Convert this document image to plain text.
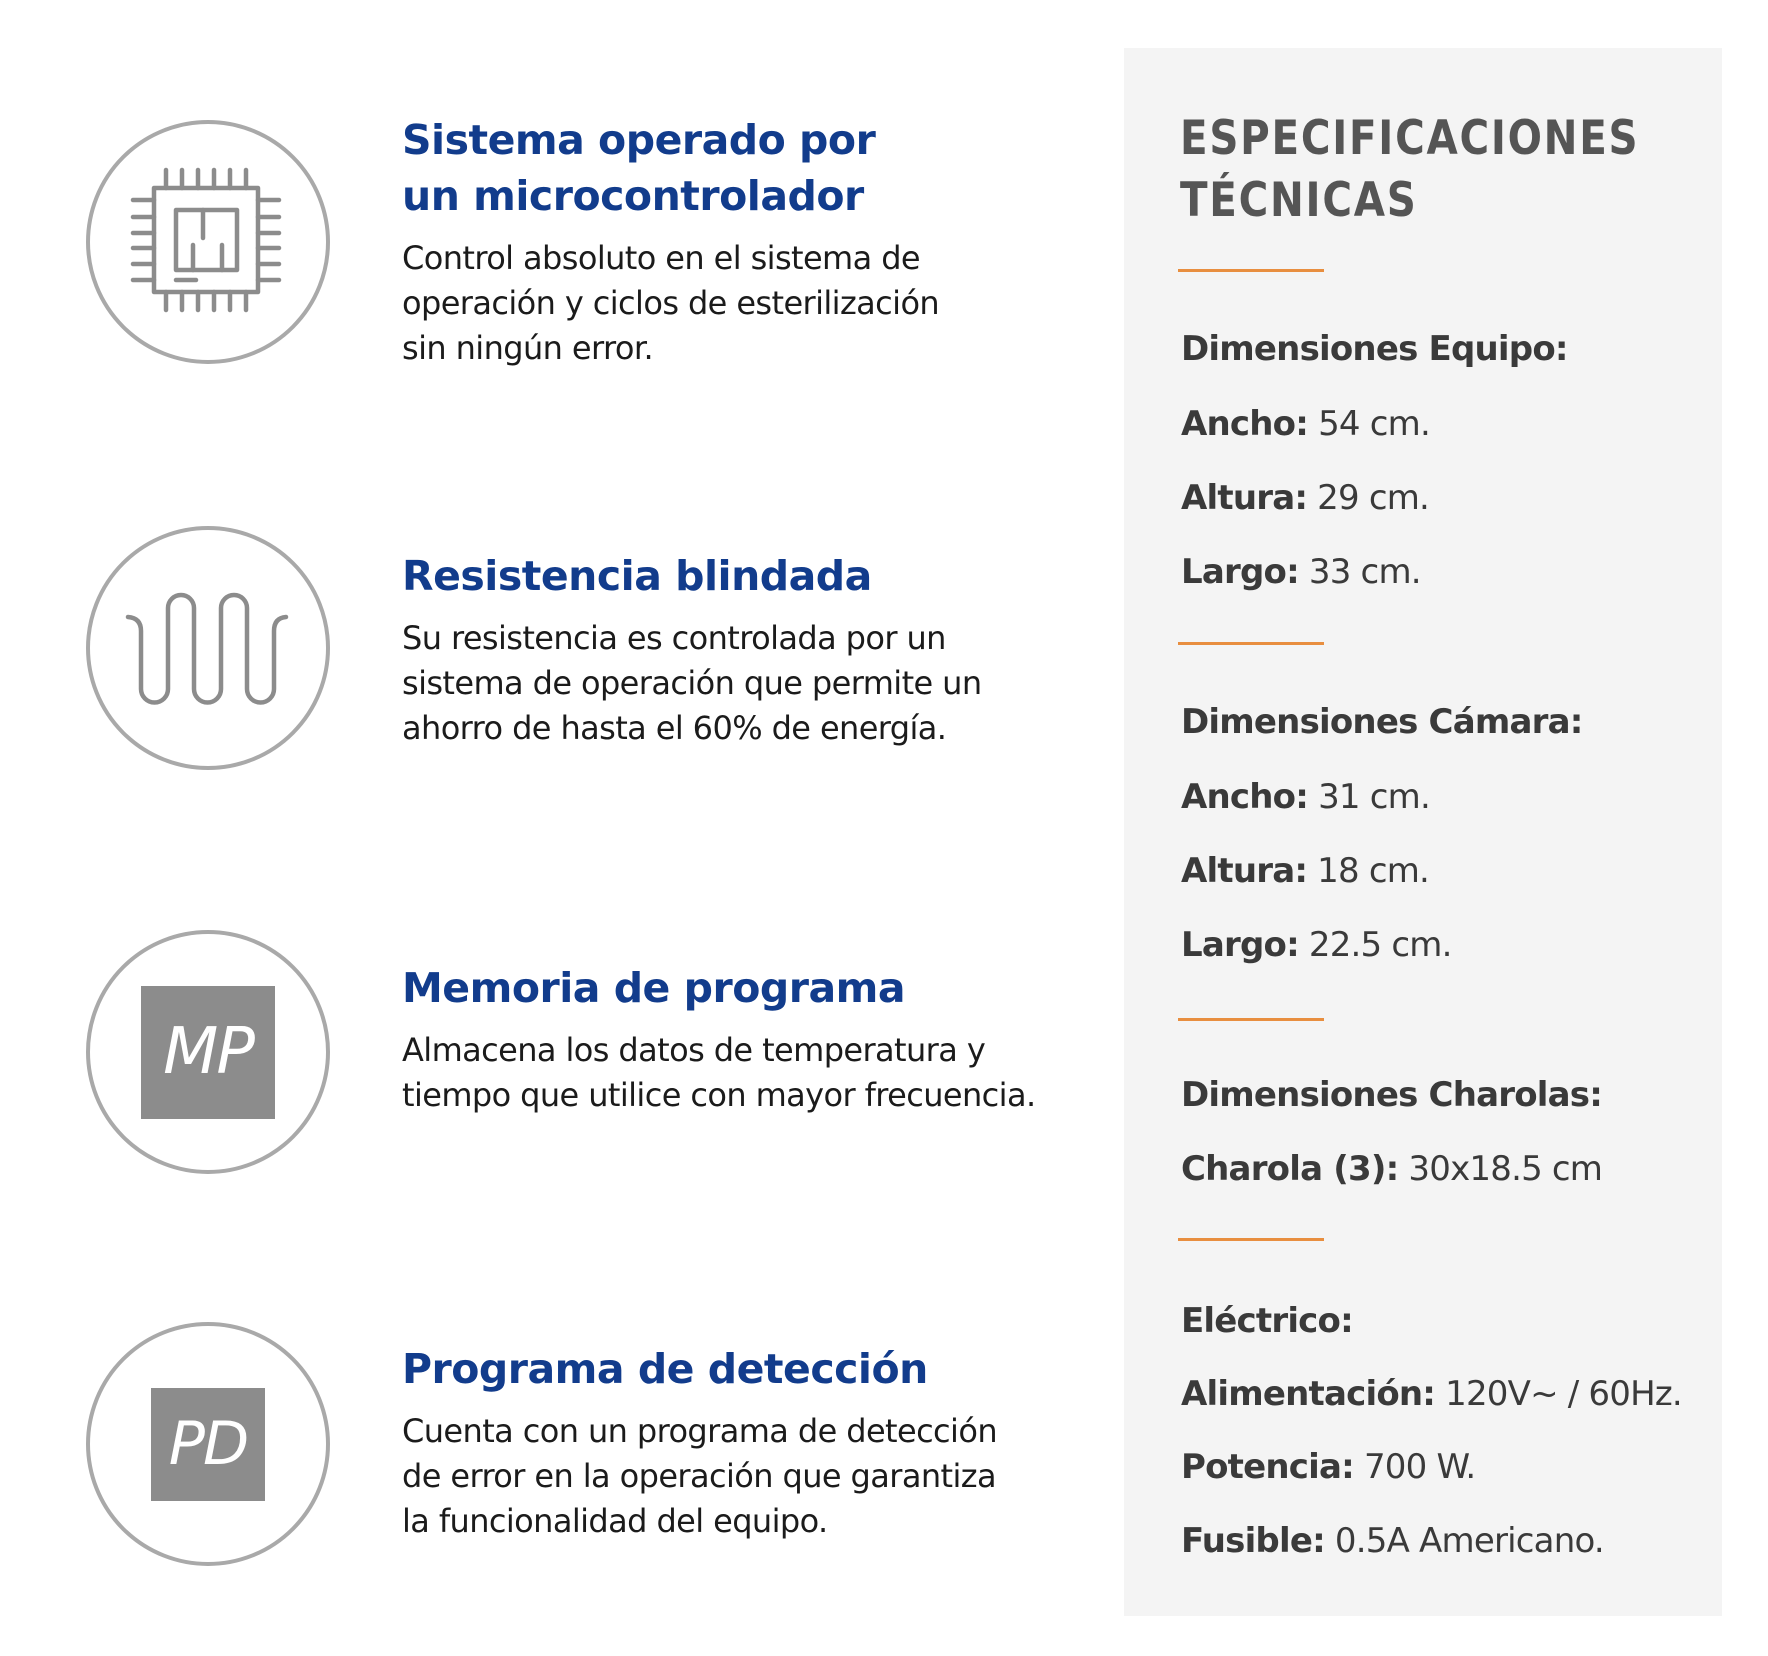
Sistema operado por
un microcontrolador
Control absoluto en el sistema de
operación y ciclos de esterilización
sin ningún error.
Resistencia blindada
Su resistencia es controlada por un
sistema de operación que permite un
ahorro de hasta el 60% de energía.
MP
Memoria de programa
Almacena los datos de temperatura y
tiempo que utilice con mayor frecuencia.
PD
Programa de detección
Cuenta con un programa de detección
de error en la operación que garantiza
la funcionalidad del equipo.
ESPECIFICACIONES
TÉCNICAS
Dimensiones Equipo:
Ancho: 54 cm.
Altura: 29 cm.
Largo: 33 cm.
Dimensiones Cámara:
Ancho: 31 cm.
Altura: 18 cm.
Largo: 22.5 cm.
Dimensiones Charolas:
Charola (3): 30x18.5 cm
Eléctrico:
Alimentación: 120V~ / 60Hz.
Potencia: 700 W.
Fusible: 0.5A Americano.
